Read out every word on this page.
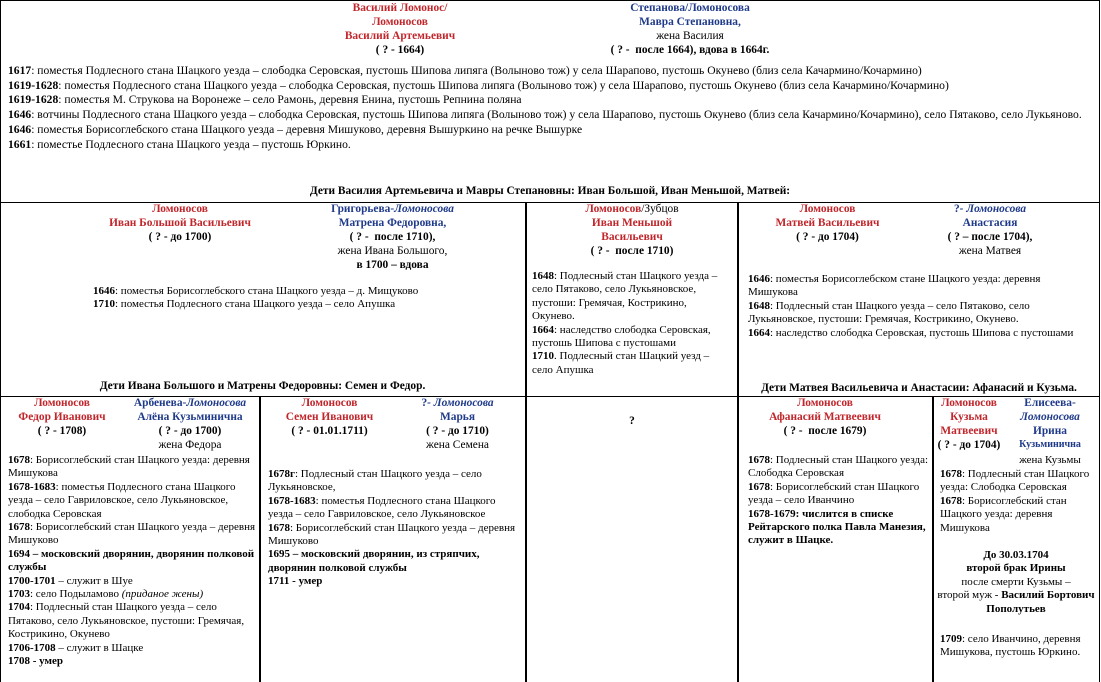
Василий Ломонос/
Ломоносов
Василий Артемьевич
( ? - 1664)
Степанова/Ломоносова
Мавра Степановна,
жена Василия
( ? -  после 1664), вдова в 1664г.
1617: поместья Подлесного стана Шацкого уезда – слободка Серовская, пустошь Шипова липяга (Волыново тож) у села Шарапово, пустошь Окунево (близ села Качармино/Кочармино)
1619-1628: поместья Подлесного стана Шацкого уезда – слободка Серовская, пустошь Шипова липяга (Волыново тож) у села Шарапово, пустошь Окунево (близ села Качармино/Кочармино)
1619-1628: поместья М. Струкова на Воронеже – село Рамонь, деревня Енина, пустошь Репнина поляна
1646: вотчины Подлесного стана Шацкого уезда – слободка Серовская, пустошь Шипова липяга (Волыново тож) у села Шарапово, пустошь Окунево (близ села Качармино/Кочармино), село Пятаково, село Лукьяново.
1646: поместья Борисоглебского стана Шацкого уезда – деревня Мишуково, деревня Вышуркино на речке Вышурке
1661: поместье Подлесного стана Шацкого уезда – пустошь Юркино.
Дети Василия Артемьевича и Мавры Степановны: Иван Большой, Иван Меньшой, Матвей:
Ломоносов
Иван Большой Васильевич
( ? - до 1700)
Григорьева-Ломоносова
Матрена Федоровна,
( ? -  после 1710),
жена Ивана Большого,
в 1700 – вдова
1646: поместья Борисоглебского стана Шацкого уезда – д. Мищуково
1710: поместья Подлесного стана Шацкого уезда – село Апушка
Дети Ивана Большого и Матрены Федоровны: Семен и Федор.
Ломоносов/Зубцов
Иван Меньшой
Васильевич
( ? -  после 1710)
1648: Подлесный стан Шацкого уезда – село Пятаково, село Лукьяновское, пустоши: Гремячая, Кострикино, Окунево.
1664: наследство слободка Серовская, пустошь Шипова с пустошами
1710. Подлесный стан Шацкий уезд – село Апушка
Ломоносов
Матвей Васильевич
( ? - до 1704)
?- Ломоносова
Анастасия
( ? – после 1704),
жена Матвея
1646: поместья Борисоглебском стане Шацкого уезда: деревня Мишукова
1648: Подлесный стан Шацкого уезда – село Пятаково, село Лукьяновское, пустоши: Гремячая, Кострикино, Окунево.
1664: наследство слободка Серовская, пустошь Шипова с пустошами
Дети Матвея Васильевича и Анастасии: Афанасий и Кузьма.
Ломоносов
Федор Иванович
( ? - 1708)
Арбенева-Ломоносова
Алёна Кузьминична
( ? - до 1700)
жена Федора
1678: Борисоглебский стан Шацкого уезда: деревня Мишукова
1678-1683: поместья Подлесного стана Шацкого уезда – село Гавриловское, село Лукьяновское, слободка Серовская
1678: Борисоглебский стан Шацкого уезда – деревня Мишуково
1694 – московский дворянин, дворянин полковой службы
1700-1701 – служит в Шуе
1703: село Подыламово (приданое жены)
1704: Подлесный стан Шацкого уезда – село Пятаково, село Лукьяновское, пустоши: Гремячая, Кострикино, Окунево
1706-1708 – служит в Шацке
1708 - умер
Ломоносов
Семен Иванович
( ? - 01.01.1711)
?- Ломоносова
Марья
( ? - до 1710)
жена Семена
1678г: Подлесный стан Шацкого уезда – село Лукьяновское,
1678-1683: поместья Подлесного стана Шацкого уезда – село Гавриловское, село Лукьяновское
1678: Борисоглебский стан Шацкого уезда – деревня Мишуково
1695 – московский дворянин, из стряпчих, дворянин полковой службы
1711 - умер
?
Ломоносов
Афанасий Матвеевич
( ? -  после 1679)
1678: Подлесный стан Шацкого уезда: Слободка Серовская
1678: Борисоглебский стан Шацкого уезда – село Иванчино
1678-1679: числится в списке Рейтарского полка Павла Манезия, служит в Шацке.
Ломоносов
Кузьма
Матвеевич
( ? - до 1704)
Елисеева-
Ломоносова
Ирина
Кузьминична
жена Кузьмы
1678: Подлесный стан Шацкого уезда: Слободка Серовская
1678: Борисоглебский стан Шацкого уезда: деревня Мишукова
До 30.03.1704
второй брак Ирины
после смерти Кузьмы –
второй муж - Василий Бортович Пополутьев
1709: село Иванчино, деревня Мишукова, пустошь Юркино.
